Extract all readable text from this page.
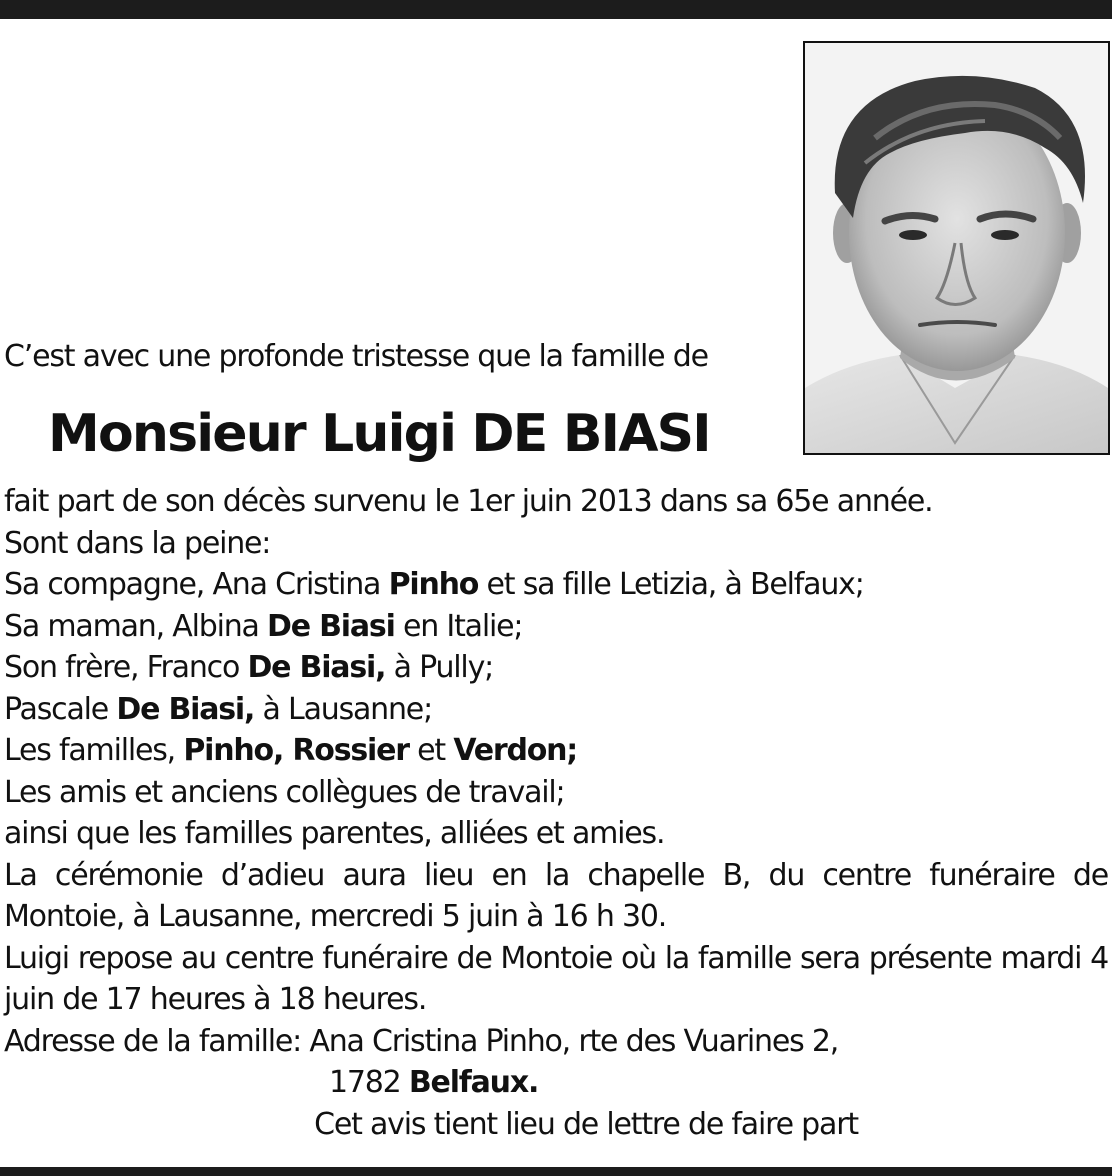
C’est avec une profonde tristesse que la famille de
Monsieur Luigi DE BIASI
fait part de son décès survenu le 1er juin 2013 dans sa 65e année.
Sont dans la peine:
Sa compagne, Ana Cristina Pinho et sa fille Letizia, à Belfaux;
Sa maman, Albina De Biasi en Italie;
Son frère, Franco De Biasi, à Pully;
Pascale De Biasi, à Lausanne;
Les familles, Pinho, Rossier et Verdon;
Les amis et anciens collègues de travail;
ainsi que les familles parentes, alliées et amies.
La cérémonie d’adieu aura lieu en la chapelle B, du centre funéraire de Montoie, à Lausanne, mercredi 5 juin à 16 h 30.
Luigi repose au centre funéraire de Montoie où la famille sera présente mardi 4 juin de 17 heures à 18 heures.
Adresse de la famille: Ana Cristina Pinho, rte des Vuarines 2,
1782 Belfaux.
Cet avis tient lieu de lettre de faire part
